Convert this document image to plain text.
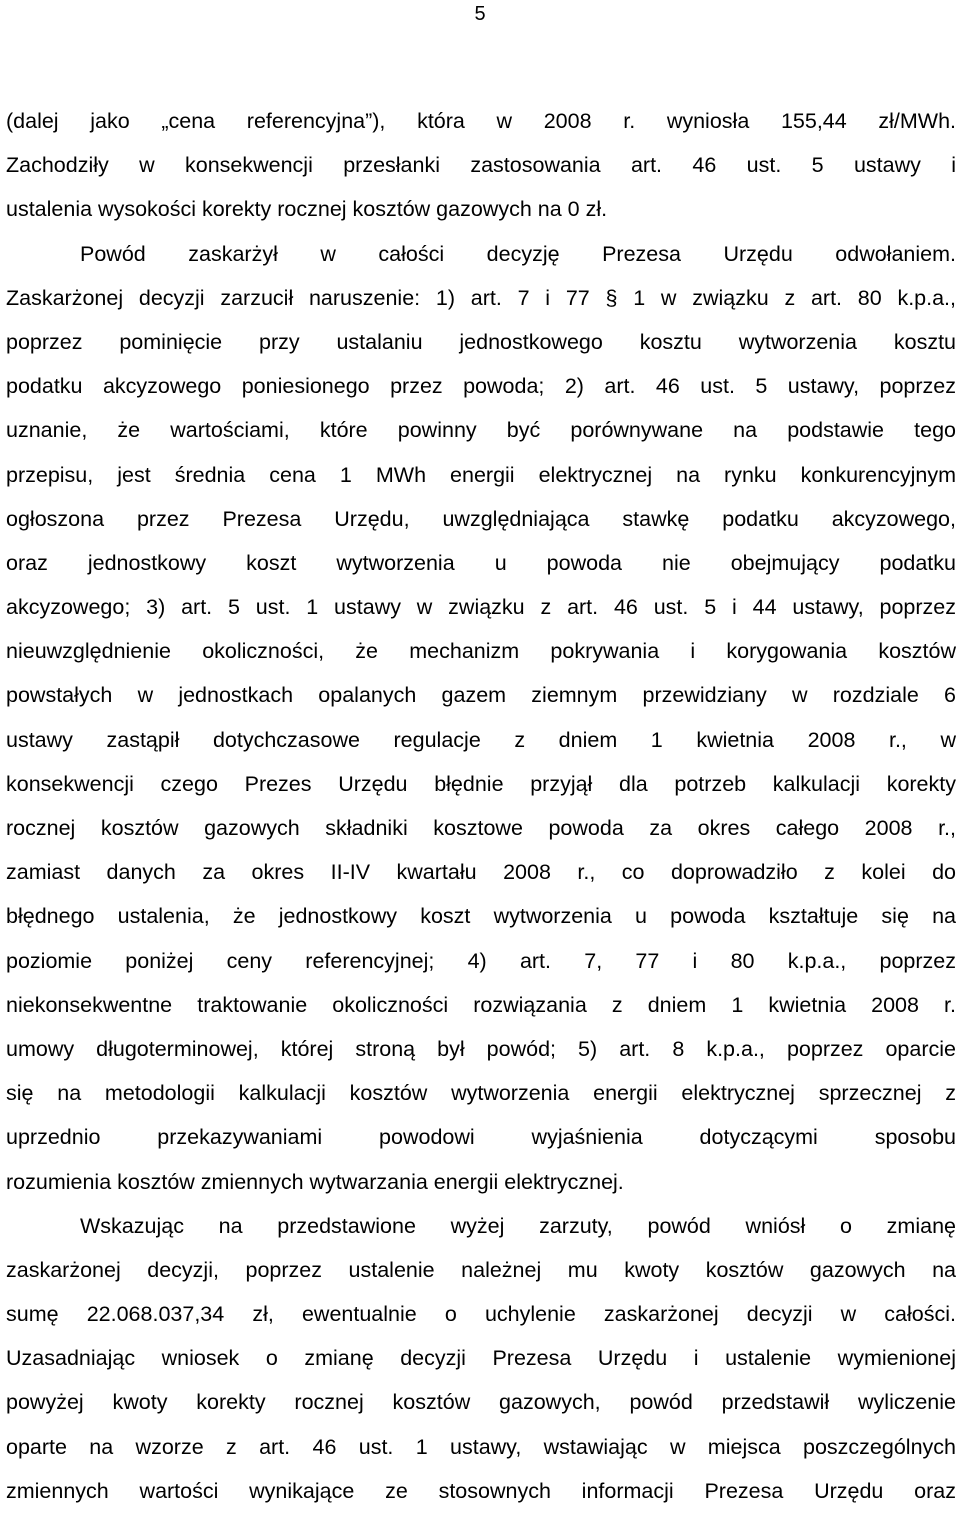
5
(dalej jako „cena referencyjna”), która w 2008 r. wyniosła 155,44 zł/MWh.
Zachodziły w konsekwencji przesłanki zastosowania art. 46 ust. 5 ustawy i
ustalenia wysokości korekty rocznej kosztów gazowych na 0 zł.
Powód zaskarżył w całości decyzję Prezesa Urzędu odwołaniem.
Zaskarżonej decyzji zarzucił naruszenie: 1) art. 7 i 77 § 1 w związku z art. 80 k.p.a.,
poprzez pominięcie przy ustalaniu jednostkowego kosztu wytworzenia kosztu
podatku akcyzowego poniesionego przez powoda; 2) art. 46 ust. 5 ustawy, poprzez
uznanie, że wartościami, które powinny być porównywane na podstawie tego
przepisu, jest średnia cena 1 MWh energii elektrycznej na rynku konkurencyjnym
ogłoszona przez Prezesa Urzędu, uwzględniająca stawkę podatku akcyzowego,
oraz jednostkowy koszt wytworzenia u powoda nie obejmujący podatku
akcyzowego; 3) art. 5 ust. 1 ustawy w związku z art. 46 ust. 5 i 44 ustawy, poprzez
nieuwzględnienie okoliczności, że mechanizm pokrywania i korygowania kosztów
powstałych w jednostkach opalanych gazem ziemnym przewidziany w rozdziale 6
ustawy zastąpił dotychczasowe regulacje z dniem 1 kwietnia 2008 r., w
konsekwencji czego Prezes Urzędu błędnie przyjął dla potrzeb kalkulacji korekty
rocznej kosztów gazowych składniki kosztowe powoda za okres całego 2008 r.,
zamiast danych za okres II-IV kwartału 2008 r., co doprowadziło z kolei do
błędnego ustalenia, że jednostkowy koszt wytworzenia u powoda kształtuje się na
poziomie poniżej ceny referencyjnej; 4) art. 7, 77 i 80 k.p.a., poprzez
niekonsekwentne traktowanie okoliczności rozwiązania z dniem 1 kwietnia 2008 r.
umowy długoterminowej, której stroną był powód; 5) art. 8 k.p.a., poprzez oparcie
się na metodologii kalkulacji kosztów wytworzenia energii elektrycznej sprzecznej z
uprzednio przekazywaniami powodowi wyjaśnienia dotyczącymi sposobu
rozumienia kosztów zmiennych wytwarzania energii elektrycznej.
Wskazując na przedstawione wyżej zarzuty, powód wniósł o zmianę
zaskarżonej decyzji, poprzez ustalenie należnej mu kwoty kosztów gazowych na
sumę 22.068.037,34 zł, ewentualnie o uchylenie zaskarżonej decyzji w całości.
Uzasadniając wniosek o zmianę decyzji Prezesa Urzędu i ustalenie wymienionej
powyżej kwoty korekty rocznej kosztów gazowych, powód przedstawił wyliczenie
oparte na wzorze z art. 46 ust. 1 ustawy, wstawiając w miejsca poszczególnych
zmiennych wartości wynikające ze stosownych informacji Prezesa Urzędu oraz
